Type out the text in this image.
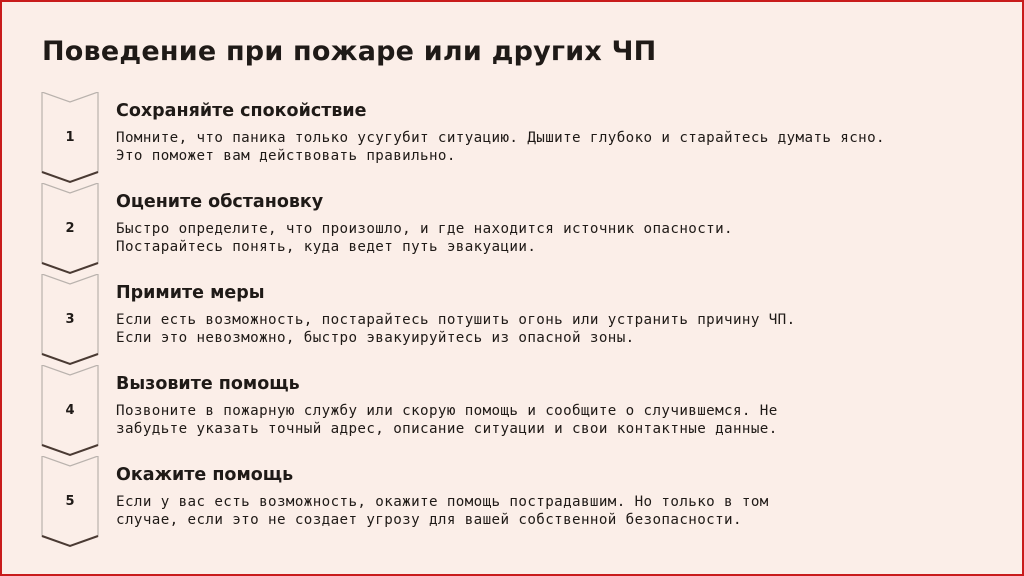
Поведение при пожаре или других ЧП
1
Сохраняйте спокойствие
Помните, что паника только усугубит ситуацию. Дышите глубоко и старайтесь думать ясно.
Это поможет вам действовать правильно.
2
Оцените обстановку
Быстро определите, что произошло, и где находится источник опасности.
Постарайтесь понять, куда ведет путь эвакуации.
3
Примите меры
Если есть возможность, постарайтесь потушить огонь или устранить причину ЧП.
Если это невозможно, быстро эвакуируйтесь из опасной зоны.
4
Вызовите помощь
Позвоните в пожарную службу или скорую помощь и сообщите о случившемся. Не
забудьте указать точный адрес, описание ситуации и свои контактные данные.
5
Окажите помощь
Если у вас есть возможность, окажите помощь пострадавшим. Но только в том
случае, если это не создает угрозу для вашей собственной безопасности.
